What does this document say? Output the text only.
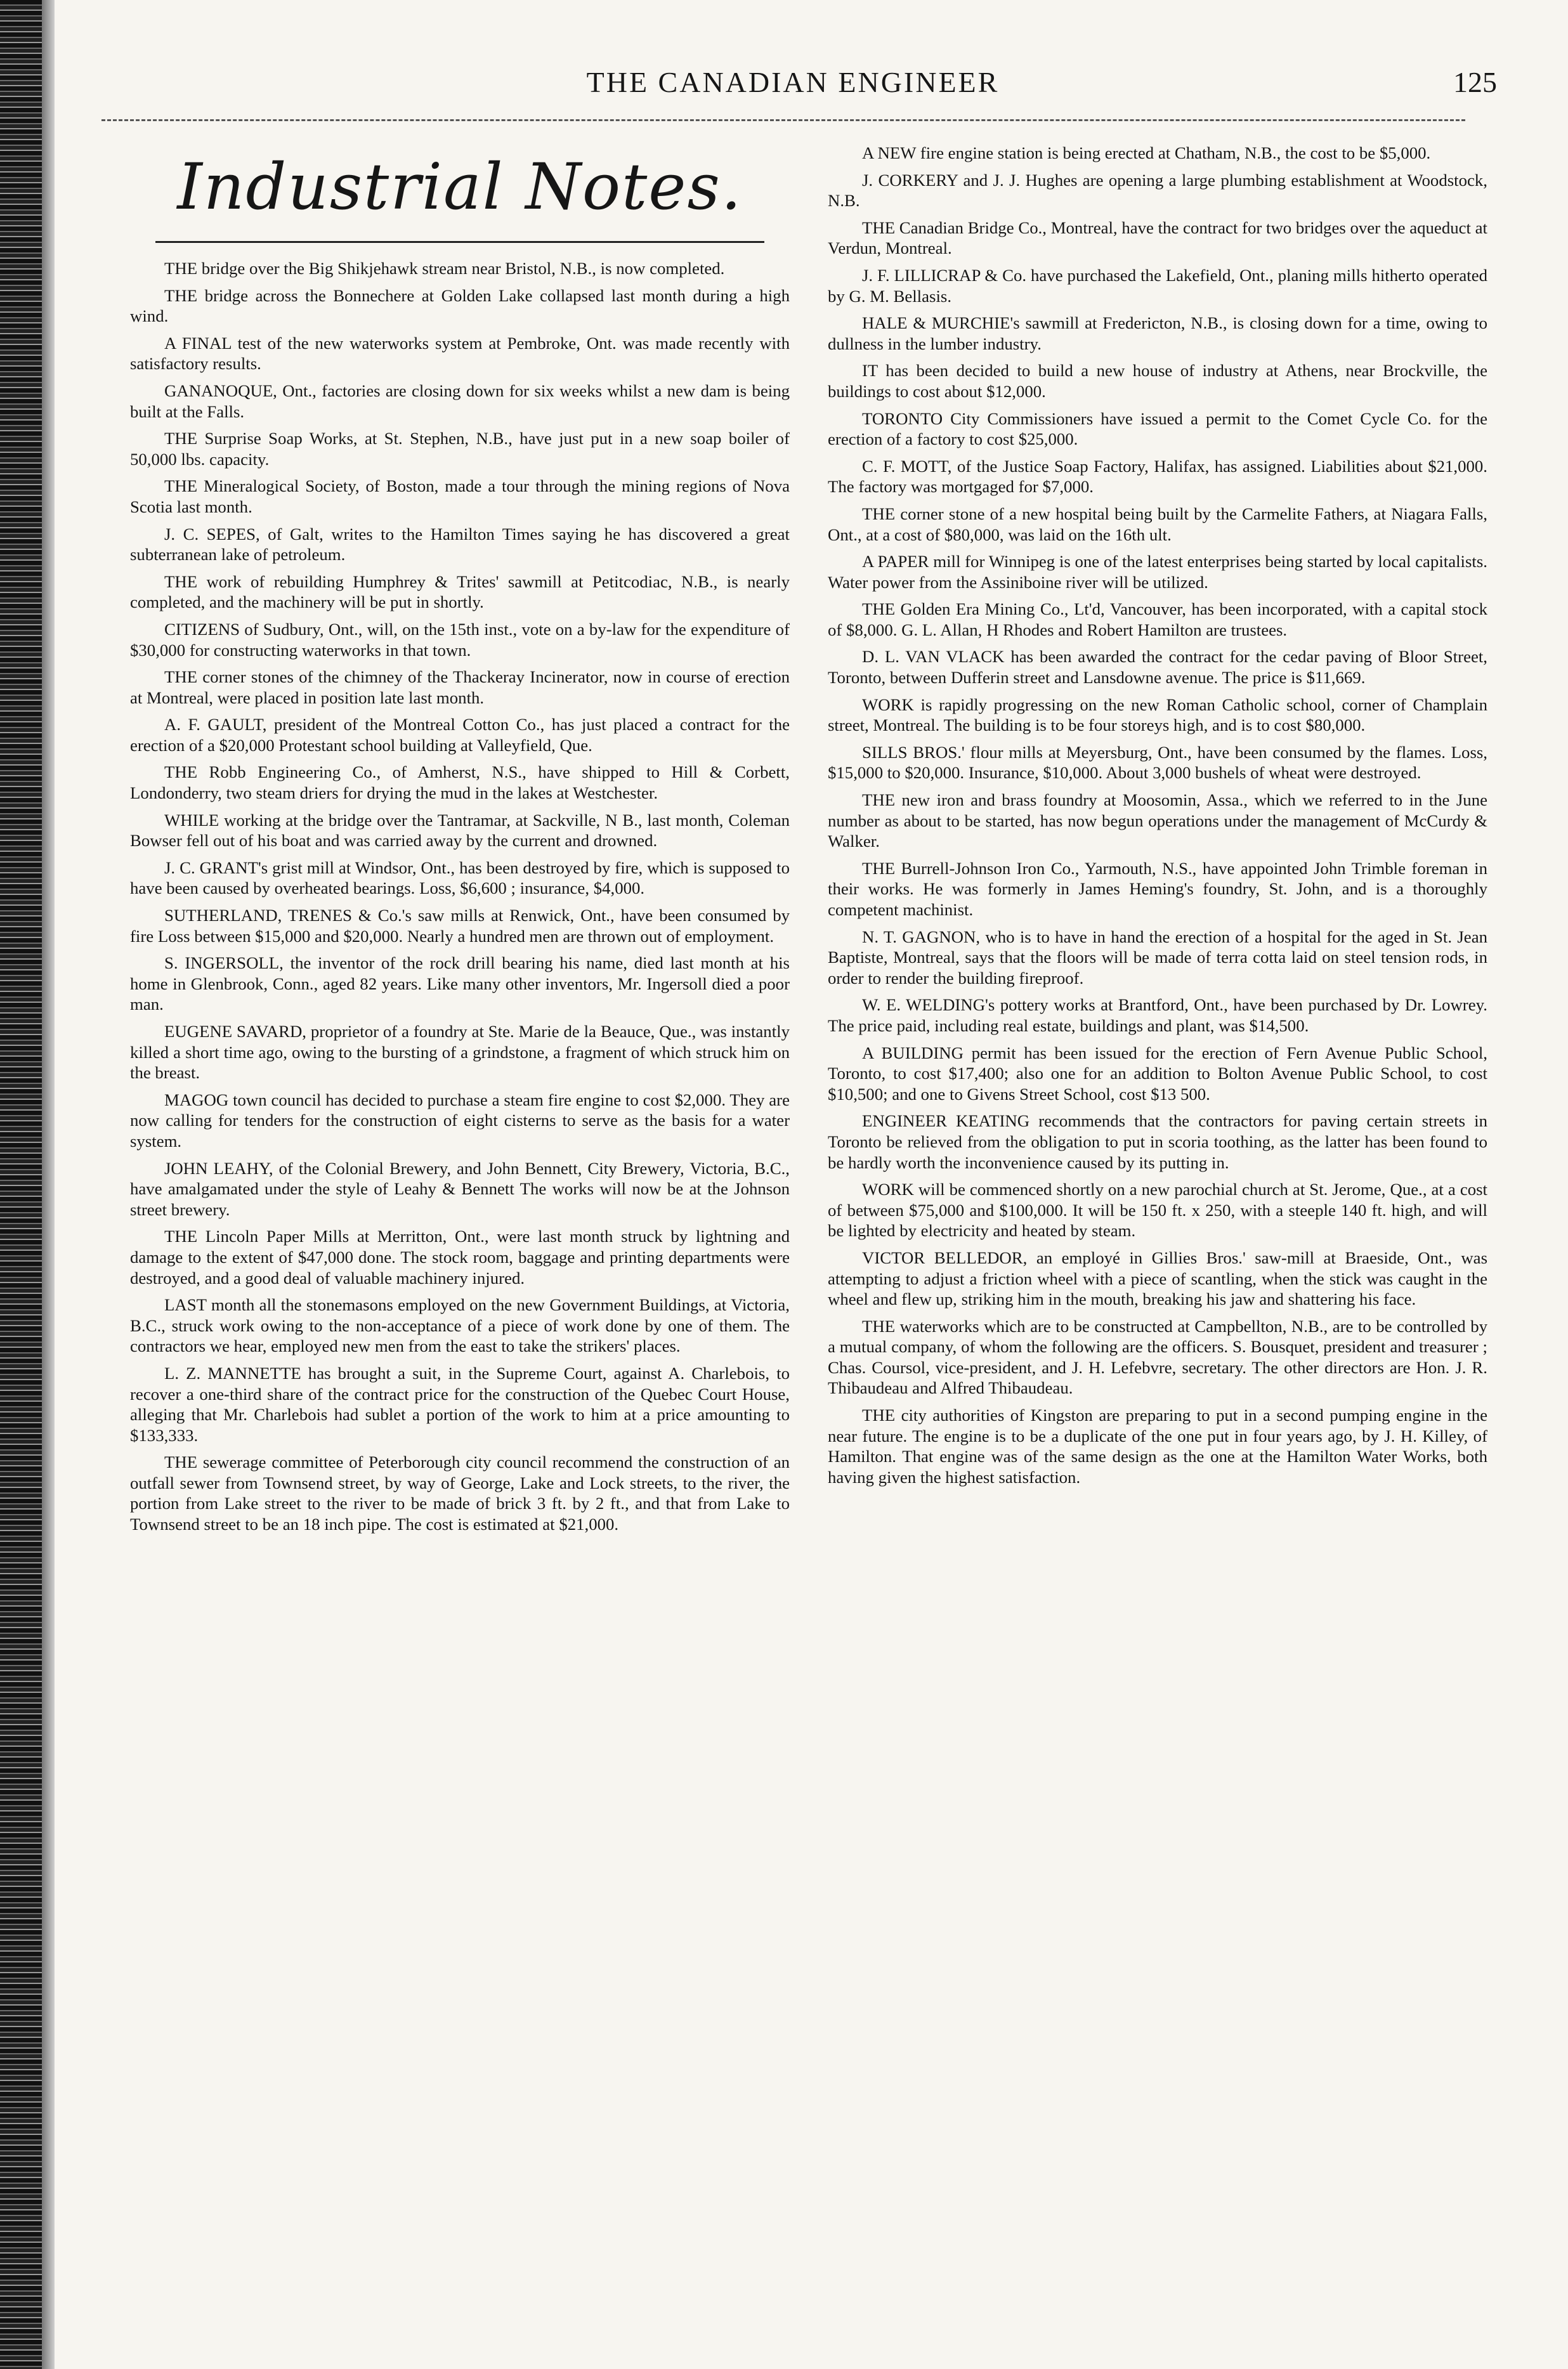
THE CANADIAN ENGINEER	125
Industrial Notes.

THE bridge over the Big Shikjehawk stream near Bristol, N.B., is now completed.

THE bridge across the Bonnechere at Golden Lake collapsed last month during a high wind.

A FINAL test of the new waterworks system at Pembroke, Ont. was made recently with satisfactory results.

GANANOQUE, Ont., factories are closing down for six weeks whilst a new dam is being built at the Falls.

THE Surprise Soap Works, at St. Stephen, N.B., have just put in a new soap boiler of 50,000 lbs. capacity.

THE Mineralogical Society, of Boston, made a tour through the mining regions of Nova Scotia last month.

J. C. SEPES, of Galt, writes to the Hamilton Times saying he has discovered a great subterranean lake of petroleum.

THE work of rebuilding Humphrey & Trites' sawmill at Petitcodiac, N.B., is nearly completed, and the machinery will be put in shortly.

CITIZENS of Sudbury, Ont., will, on the 15th inst., vote on a by-law for the expenditure of $30,000 for constructing waterworks in that town.

THE corner stones of the chimney of the Thackeray Incinerator, now in course of erection at Montreal, were placed in position late last month.

A. F. GAULT, president of the Montreal Cotton Co., has just placed a contract for the erection of a $20,000 Protestant school building at Valleyfield, Que.

THE Robb Engineering Co., of Amherst, N.S., have shipped to Hill & Corbett, Londonderry, two steam driers for drying the mud in the lakes at Westchester.

WHILE working at the bridge over the Tantramar, at Sackville, N B., last month, Coleman Bowser fell out of his boat and was carried away by the current and drowned.

J. C. GRANT's grist mill at Windsor, Ont., has been destroyed by fire, which is supposed to have been caused by overheated bearings. Loss, $6,600 ; insurance, $4,000.

SUTHERLAND, TRENES & Co.'s saw mills at Renwick, Ont., have been consumed by fire Loss between $15,000 and $20,000. Nearly a hundred men are thrown out of employment.

S. INGERSOLL, the inventor of the rock drill bearing his name, died last month at his home in Glenbrook, Conn., aged 82 years. Like many other inventors, Mr. Ingersoll died a poor man.

EUGENE SAVARD, proprietor of a foundry at Ste. Marie de la Beauce, Que., was instantly killed a short time ago, owing to the bursting of a grindstone, a fragment of which struck him on the breast.

MAGOG town council has decided to purchase a steam fire engine to cost $2,000. They are now calling for tenders for the construction of eight cisterns to serve as the basis for a water system.

JOHN LEAHY, of the Colonial Brewery, and John Bennett, City Brewery, Victoria, B.C., have amalgamated under the style of Leahy & Bennett The works will now be at the Johnson street brewery.

THE Lincoln Paper Mills at Merritton, Ont., were last month struck by lightning and damage to the extent of $47,000 done. The stock room, baggage and printing departments were destroyed, and a good deal of valuable machinery injured.

LAST month all the stonemasons employed on the new Government Buildings, at Victoria, B.C., struck work owing to the non-acceptance of a piece of work done by one of them. The contractors we hear, employed new men from the east to take the strikers' places.

L. Z. MANNETTE has brought a suit, in the Supreme Court, against A. Charlebois, to recover a one-third share of the contract price for the construction of the Quebec Court House, alleging that Mr. Charlebois had sublet a portion of the work to him at a price amounting to $133,333.

THE sewerage committee of Peterborough city council recommend the construction of an outfall sewer from Townsend street, by way of George, Lake and Lock streets, to the river, the portion from Lake street to the river to be made of brick 3 ft. by 2 ft., and that from Lake to Townsend street to be an 18 inch pipe. The cost is estimated at $21,000.

A NEW fire engine station is being erected at Chatham, N.B., the cost to be $5,000.

J. CORKERY and J. J. Hughes are opening a large plumbing establishment at Woodstock, N.B.

THE Canadian Bridge Co., Montreal, have the contract for two bridges over the aqueduct at Verdun, Montreal.

J. F. LILLICRAP & Co. have purchased the Lakefield, Ont., planing mills hitherto operated by G. M. Bellasis.

HALE & MURCHIE's sawmill at Fredericton, N.B., is closing down for a time, owing to dullness in the lumber industry.

IT has been decided to build a new house of industry at Athens, near Brockville, the buildings to cost about $12,000.

TORONTO City Commissioners have issued a permit to the Comet Cycle Co. for the erection of a factory to cost $25,000.

C. F. MOTT, of the Justice Soap Factory, Halifax, has assigned. Liabilities about $21,000. The factory was mortgaged for $7,000.

THE corner stone of a new hospital being built by the Carmelite Fathers, at Niagara Falls, Ont., at a cost of $80,000, was laid on the 16th ult.

A PAPER mill for Winnipeg is one of the latest enterprises being started by local capitalists. Water power from the Assiniboine river will be utilized.

THE Golden Era Mining Co., Lt'd, Vancouver, has been incorporated, with a capital stock of $8,000. G. L. Allan, H Rhodes and Robert Hamilton are trustees.

D. L. VAN VLACK has been awarded the contract for the cedar paving of Bloor Street, Toronto, between Dufferin street and Lansdowne avenue. The price is $11,669.

WORK is rapidly progressing on the new Roman Catholic school, corner of Champlain street, Montreal. The building is to be four storeys high, and is to cost $80,000.

SILLS BROS.' flour mills at Meyersburg, Ont., have been consumed by the flames. Loss, $15,000 to $20,000. Insurance, $10,000. About 3,000 bushels of wheat were destroyed.

THE new iron and brass foundry at Moosomin, Assa., which we referred to in the June number as about to be started, has now begun operations under the management of McCurdy & Walker.

THE Burrell-Johnson Iron Co., Yarmouth, N.S., have appointed John Trimble foreman in their works. He was formerly in James Heming's foundry, St. John, and is a thoroughly competent machinist.

N. T. GAGNON, who is to have in hand the erection of a hospital for the aged in St. Jean Baptiste, Montreal, says that the floors will be made of terra cotta laid on steel tension rods, in order to render the building fireproof.

W. E. WELDING's pottery works at Brantford, Ont., have been purchased by Dr. Lowrey. The price paid, including real estate, buildings and plant, was $14,500.

A BUILDING permit has been issued for the erection of Fern Avenue Public School, Toronto, to cost $17,400; also one for an addition to Bolton Avenue Public School, to cost $10,500; and one to Givens Street School, cost $13 500.

ENGINEER KEATING recommends that the contractors for paving certain streets in Toronto be relieved from the obligation to put in scoria toothing, as the latter has been found to be hardly worth the inconvenience caused by its putting in.

WORK will be commenced shortly on a new parochial church at St. Jerome, Que., at a cost of between $75,000 and $100,000. It will be 150 ft. x 250, with a steeple 140 ft. high, and will be lighted by electricity and heated by steam.

VICTOR BELLEDOR, an employé in Gillies Bros.' saw-mill at Braeside, Ont., was attempting to adjust a friction wheel with a piece of scantling, when the stick was caught in the wheel and flew up, striking him in the mouth, breaking his jaw and shattering his face.

THE waterworks which are to be constructed at Campbellton, N.B., are to be controlled by a mutual company, of whom the following are the officers. S. Bousquet, president and treasurer ; Chas. Coursol, vice-president, and J. H. Lefebvre, secretary. The other directors are Hon. J. R. Thibaudeau and Alfred Thibaudeau.

THE city authorities of Kingston are preparing to put in a second pumping engine in the near future. The engine is to be a duplicate of the one put in four years ago, by J. H. Killey, of Hamilton. That engine was of the same design as the one at the Hamilton Water Works, both having given the highest satisfaction.
